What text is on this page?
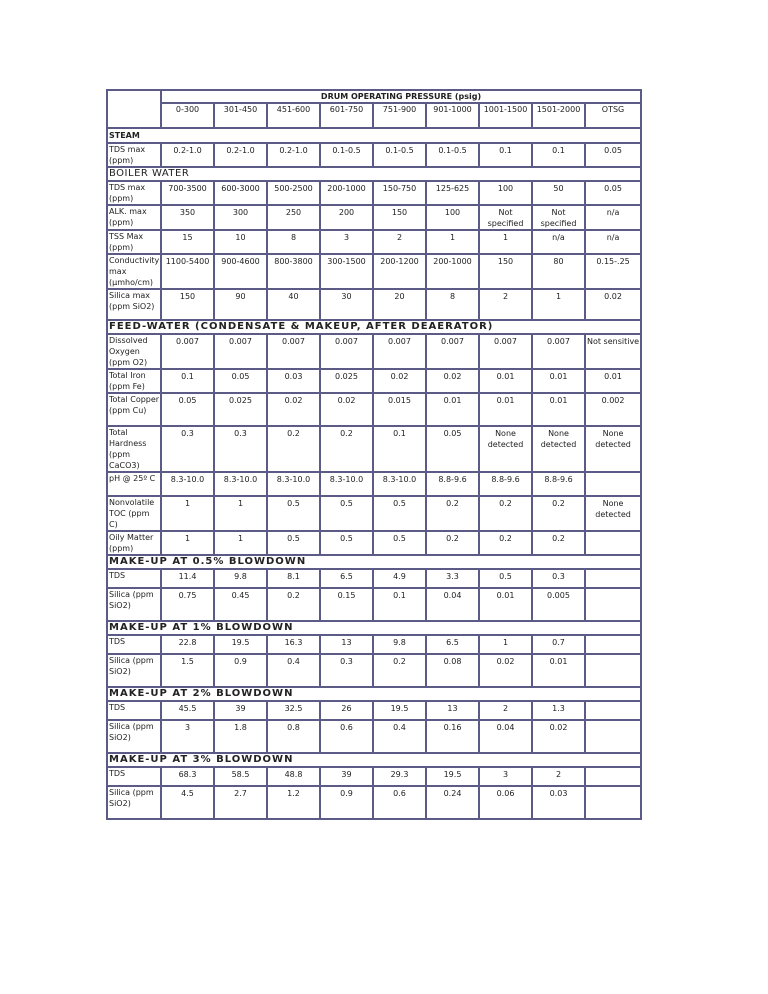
	DRUM OPERATING PRESSURE (psig)								
	0-300	301-450	451-600	601-750	751-900	901-1000	1001-1500	1501-2000	OTSG
STEAM									
TDS max (ppm)	0.2-1.0	0.2-1.0	0.2-1.0	0.1-0.5	0.1-0.5	0.1-0.5	0.1	0.1	0.05

BOILER WATER									
TDS max (ppm)	700-3500	600-3000	500-2500	200-1000	150-750	125-625	100	50	0.05

ALK. max (ppm)	350	300	250	200	150	100	Not specified	Not specified	n/a

TSS Max (ppm)	15	10	8	3	2	1	1	n/a	n/a

Conductivity max (µmho/cm)	1100-5400	900-4600	800-3800	300-1500	200-1200	200-1000	150	80	0.15-.25

Silica max (ppm SiO2)	150	90	40	30	20	8	2	1	0.02

FEED-WATER (CONDENSATE & MAKEUP, AFTER DEAERATOR)									
Dissolved Oxygen (ppm O2)	0.007	0.007	0.007	0.007	0.007	0.007	0.007	0.007	Not sensitive

Total Iron (ppm Fe)	0.1	0.05	0.03	0.025	0.02	0.02	0.01	0.01	0.01

Total Copper (ppm Cu)	0.05	0.025	0.02	0.02	0.015	0.01	0.01	0.01	0.002

Total Hardness (ppm CaCO3)	0.3	0.3	0.2	0.2	0.1	0.05	None detected	None detected	None detected

pH @ 25º C	8.3-10.0	8.3-10.0	8.3-10.0	8.3-10.0	8.3-10.0	8.8-9.6	8.8-9.6	8.8-9.6	

Nonvolatile TOC (ppm C)	1	1	0.5	0.5	0.5	0.2	0.2	0.2	None detected

Oily Matter (ppm)	1	1	0.5	0.5	0.5	0.2	0.2	0.2	

MAKE-UP AT 0.5% BLOWDOWN									
TDS	11.4	9.8	8.1	6.5	4.9	3.3	0.5	0.3	

Silica (ppm SiO2)	0.75	0.45	0.2	0.15	0.1	0.04	0.01	0.005	

MAKE-UP AT 1% BLOWDOWN									
TDS	22.8	19.5	16.3	13	9.8	6.5	1	0.7	

Silica (ppm SiO2)	1.5	0.9	0.4	0.3	0.2	0.08	0.02	0.01	

MAKE-UP AT 2% BLOWDOWN									
TDS	45.5	39	32.5	26	19.5	13	2	1.3	

Silica (ppm SiO2)	3	1.8	0.8	0.6	0.4	0.16	0.04	0.02	

MAKE-UP AT 3% BLOWDOWN									
TDS	68.3	58.5	48.8	39	29.3	19.5	3	2	

Silica (ppm SiO2)	4.5	2.7	1.2	0.9	0.6	0.24	0.06	0.03	
